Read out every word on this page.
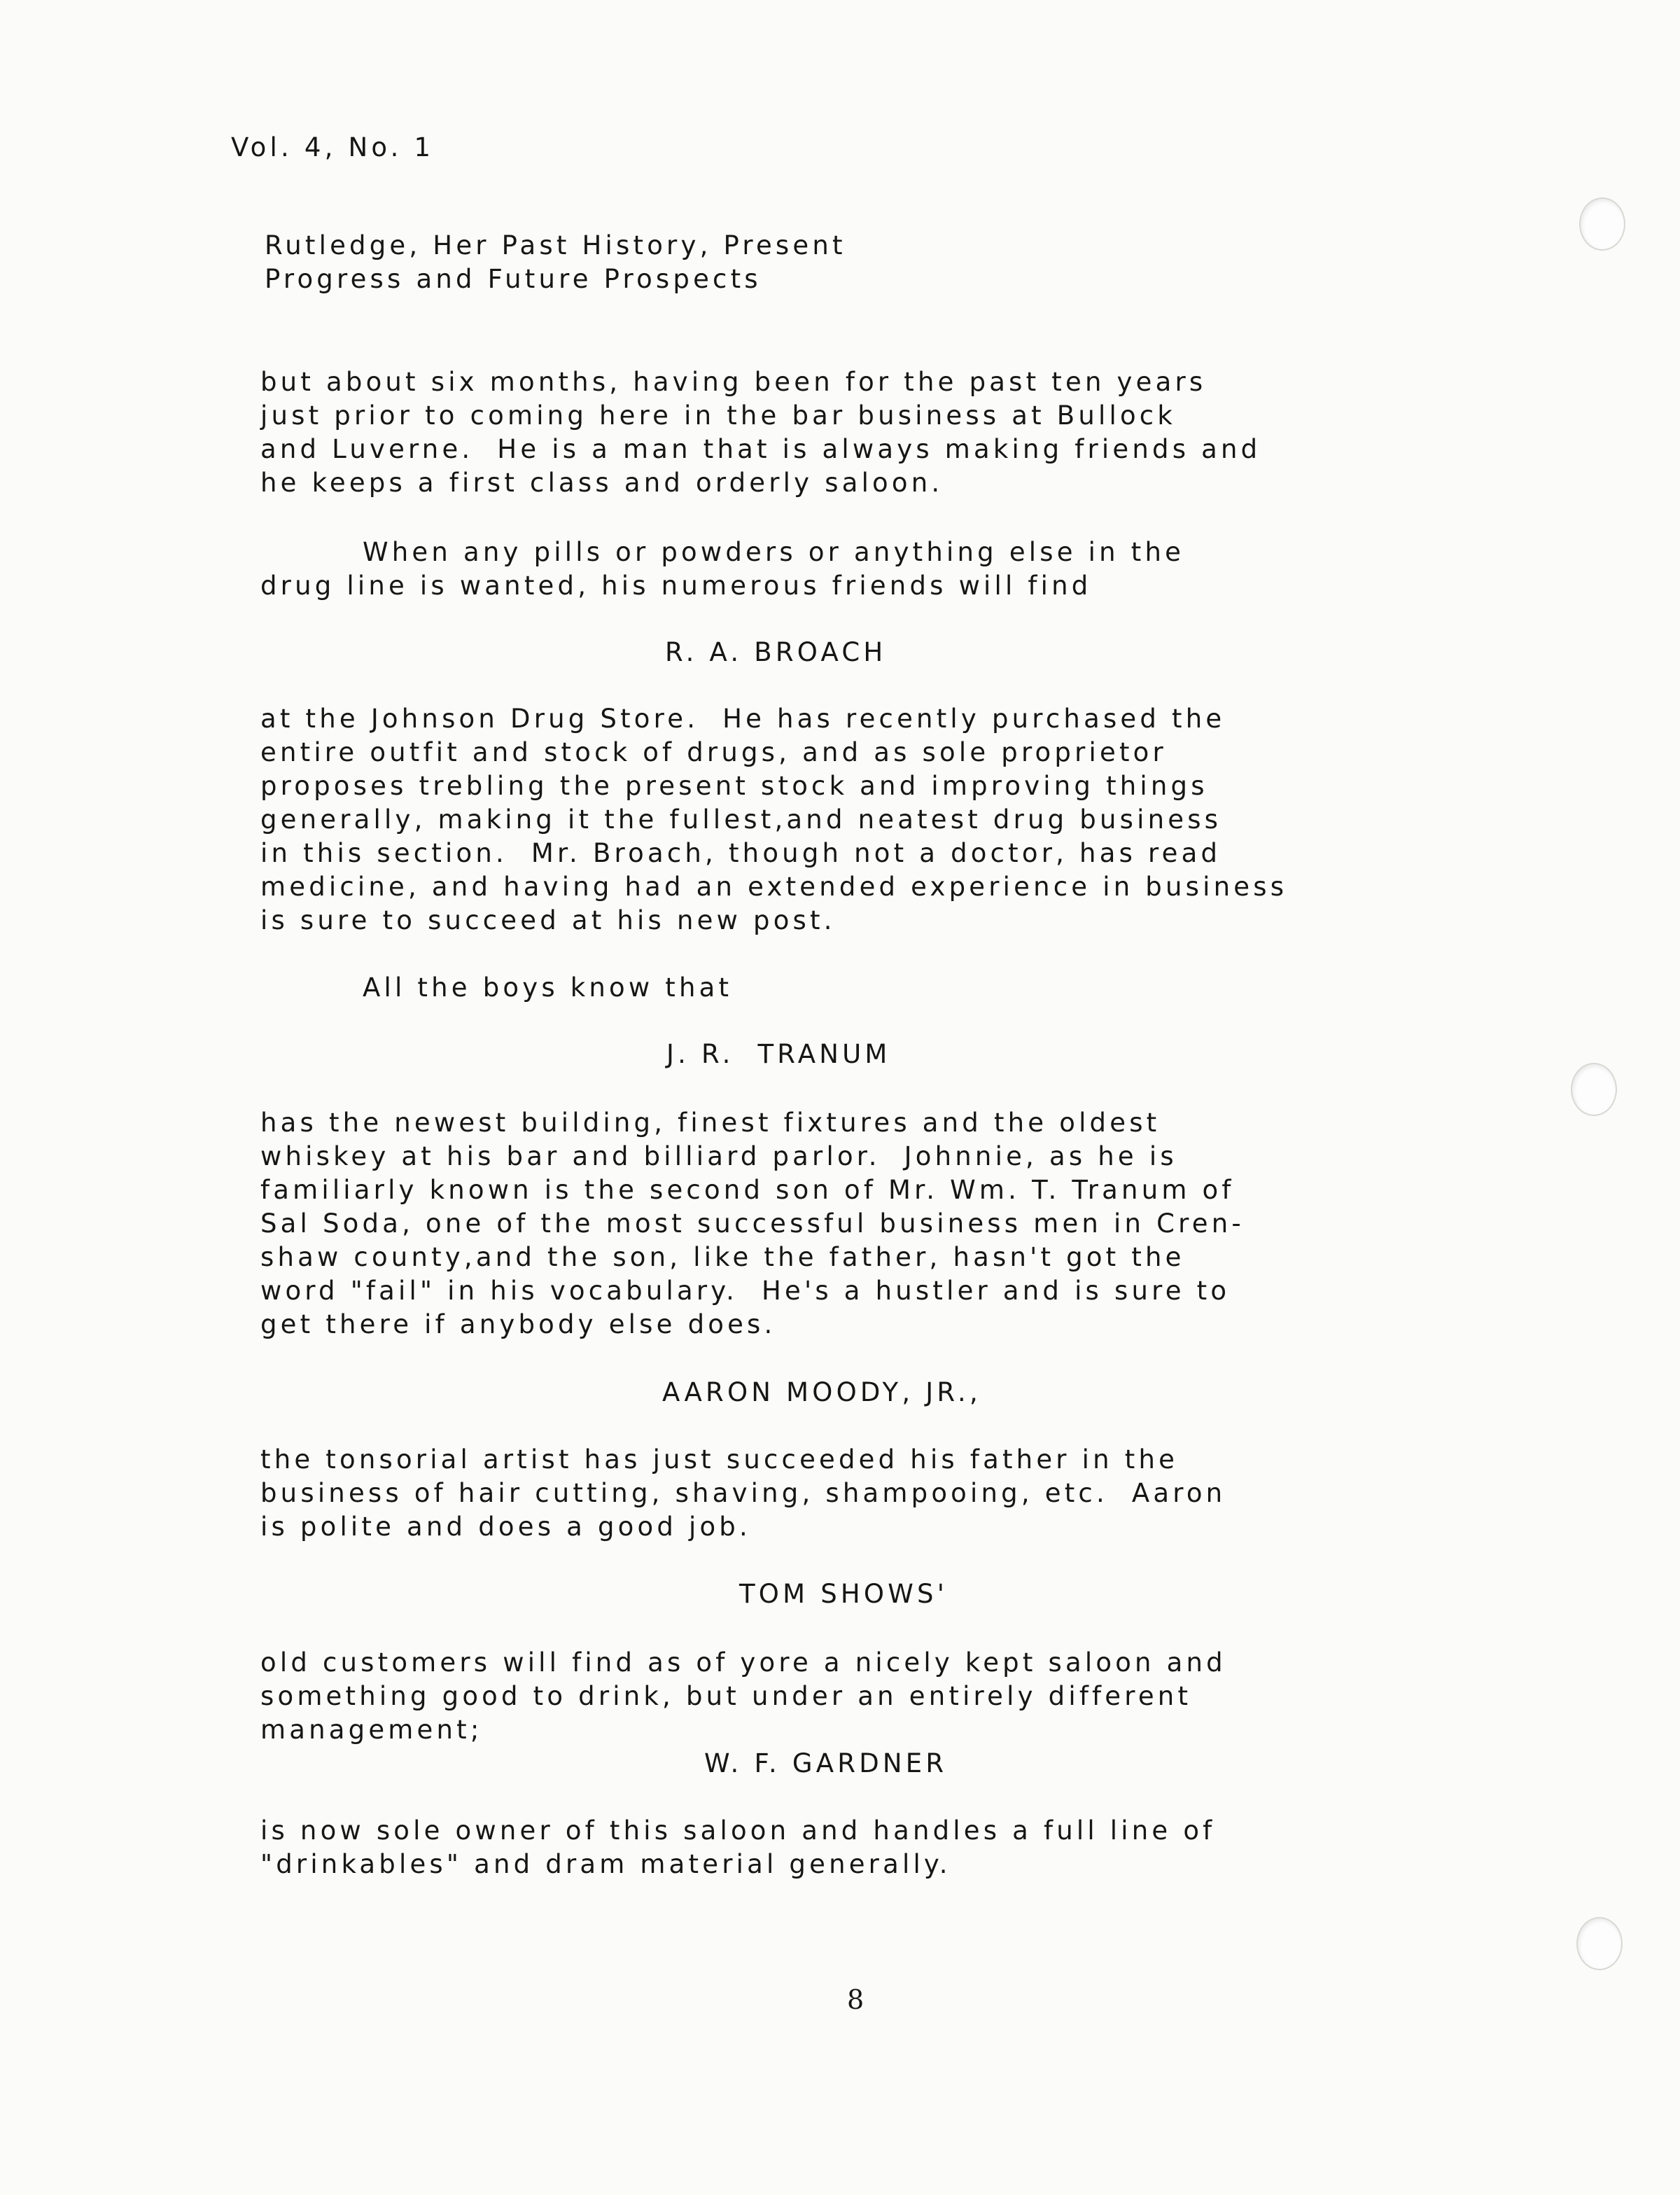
Vol. 4, No. 1
Rutledge, Her Past History, Present
Progress and Future Prospects
but about six months, having been for the past ten years
just prior to coming here in the bar business at Bullock
and Luverne.  He is a man that is always making friends and
he keeps a first class and orderly saloon.
When any pills or powders or anything else in the
drug line is wanted, his numerous friends will find
R. A. BROACH
at the Johnson Drug Store.  He has recently purchased the
entire outfit and stock of drugs, and as sole proprietor
proposes trebling the present stock and improving things
generally, making it the fullest,and neatest drug business
in this section.  Mr. Broach, though not a doctor, has read
medicine, and having had an extended experience in business
is sure to succeed at his new post.
All the boys know that
J. R.  TRANUM
has the newest building, finest fixtures and the oldest
whiskey at his bar and billiard parlor.  Johnnie, as he is
familiarly known is the second son of Mr. Wm. T. Tranum of
Sal Soda, one of the most successful business men in Cren-
shaw county,and the son, like the father, hasn't got the
word "fail" in his vocabulary.  He's a hustler and is sure to
get there if anybody else does.
AARON MOODY, JR.,
the tonsorial artist has just succeeded his father in the
business of hair cutting, shaving, shampooing, etc.  Aaron
is polite and does a good job.
TOM SHOWS'
old customers will find as of yore a nicely kept saloon and
something good to drink, but under an entirely different
management;
W. F. GARDNER
is now sole owner of this saloon and handles a full line of
"drinkables" and dram material generally.
8
